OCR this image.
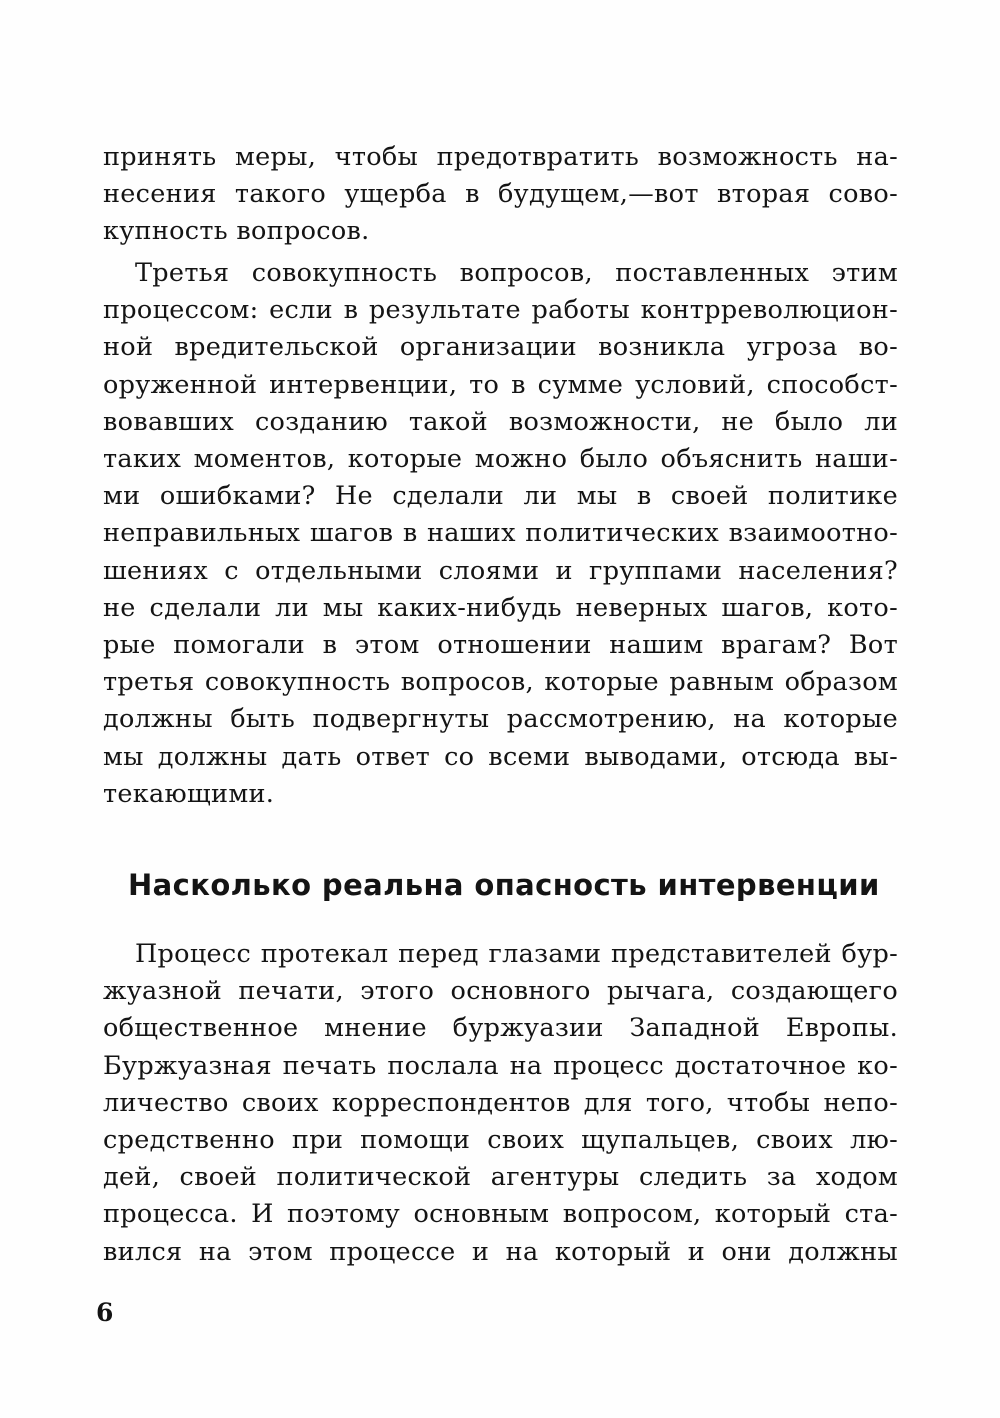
принять меры, чтобы предотвратить возможность на-
несения такого ущерба в будущем,—вот вторая сово-
купность вопросов.
Третья совокупность вопросов, поставленных этим
процессом: если в результате работы контрреволюцион-
ной вредительской организации возникла угроза во-
оруженной интервенции, то в сумме условий, способст-
вовавших созданию такой возможности, не было ли
таких моментов, которые можно было объяснить наши-
ми ошибками? Не сделали ли мы в своей политике
неправильных шагов в наших политических взаимоотно-
шениях с отдельными слоями и группами населения?
не сделали ли мы каких-нибудь неверных шагов, кото-
рые помогали в этом отношении нашим врагам? Вот
третья совокупность вопросов, которые равным образом
должны быть подвергнуты рассмотрению, на которые
мы должны дать ответ со всеми выводами, отсюда вы-
текающими.
Насколько реальна опасность интервенции
Процесс протекал перед глазами представителей бур-
жуазной печати, этого основного рычага, создающего
общественное мнение буржуазии Западной Европы.
Буржуазная печать послала на процесс достаточное ко-
личество своих корреспондентов для того, чтобы непо-
средственно при помощи своих щупальцев, своих лю-
дей, своей политической агентуры следить за ходом
процесса. И поэтому основным вопросом, который ста-
вился на этом процессе и на который и они должны
6
